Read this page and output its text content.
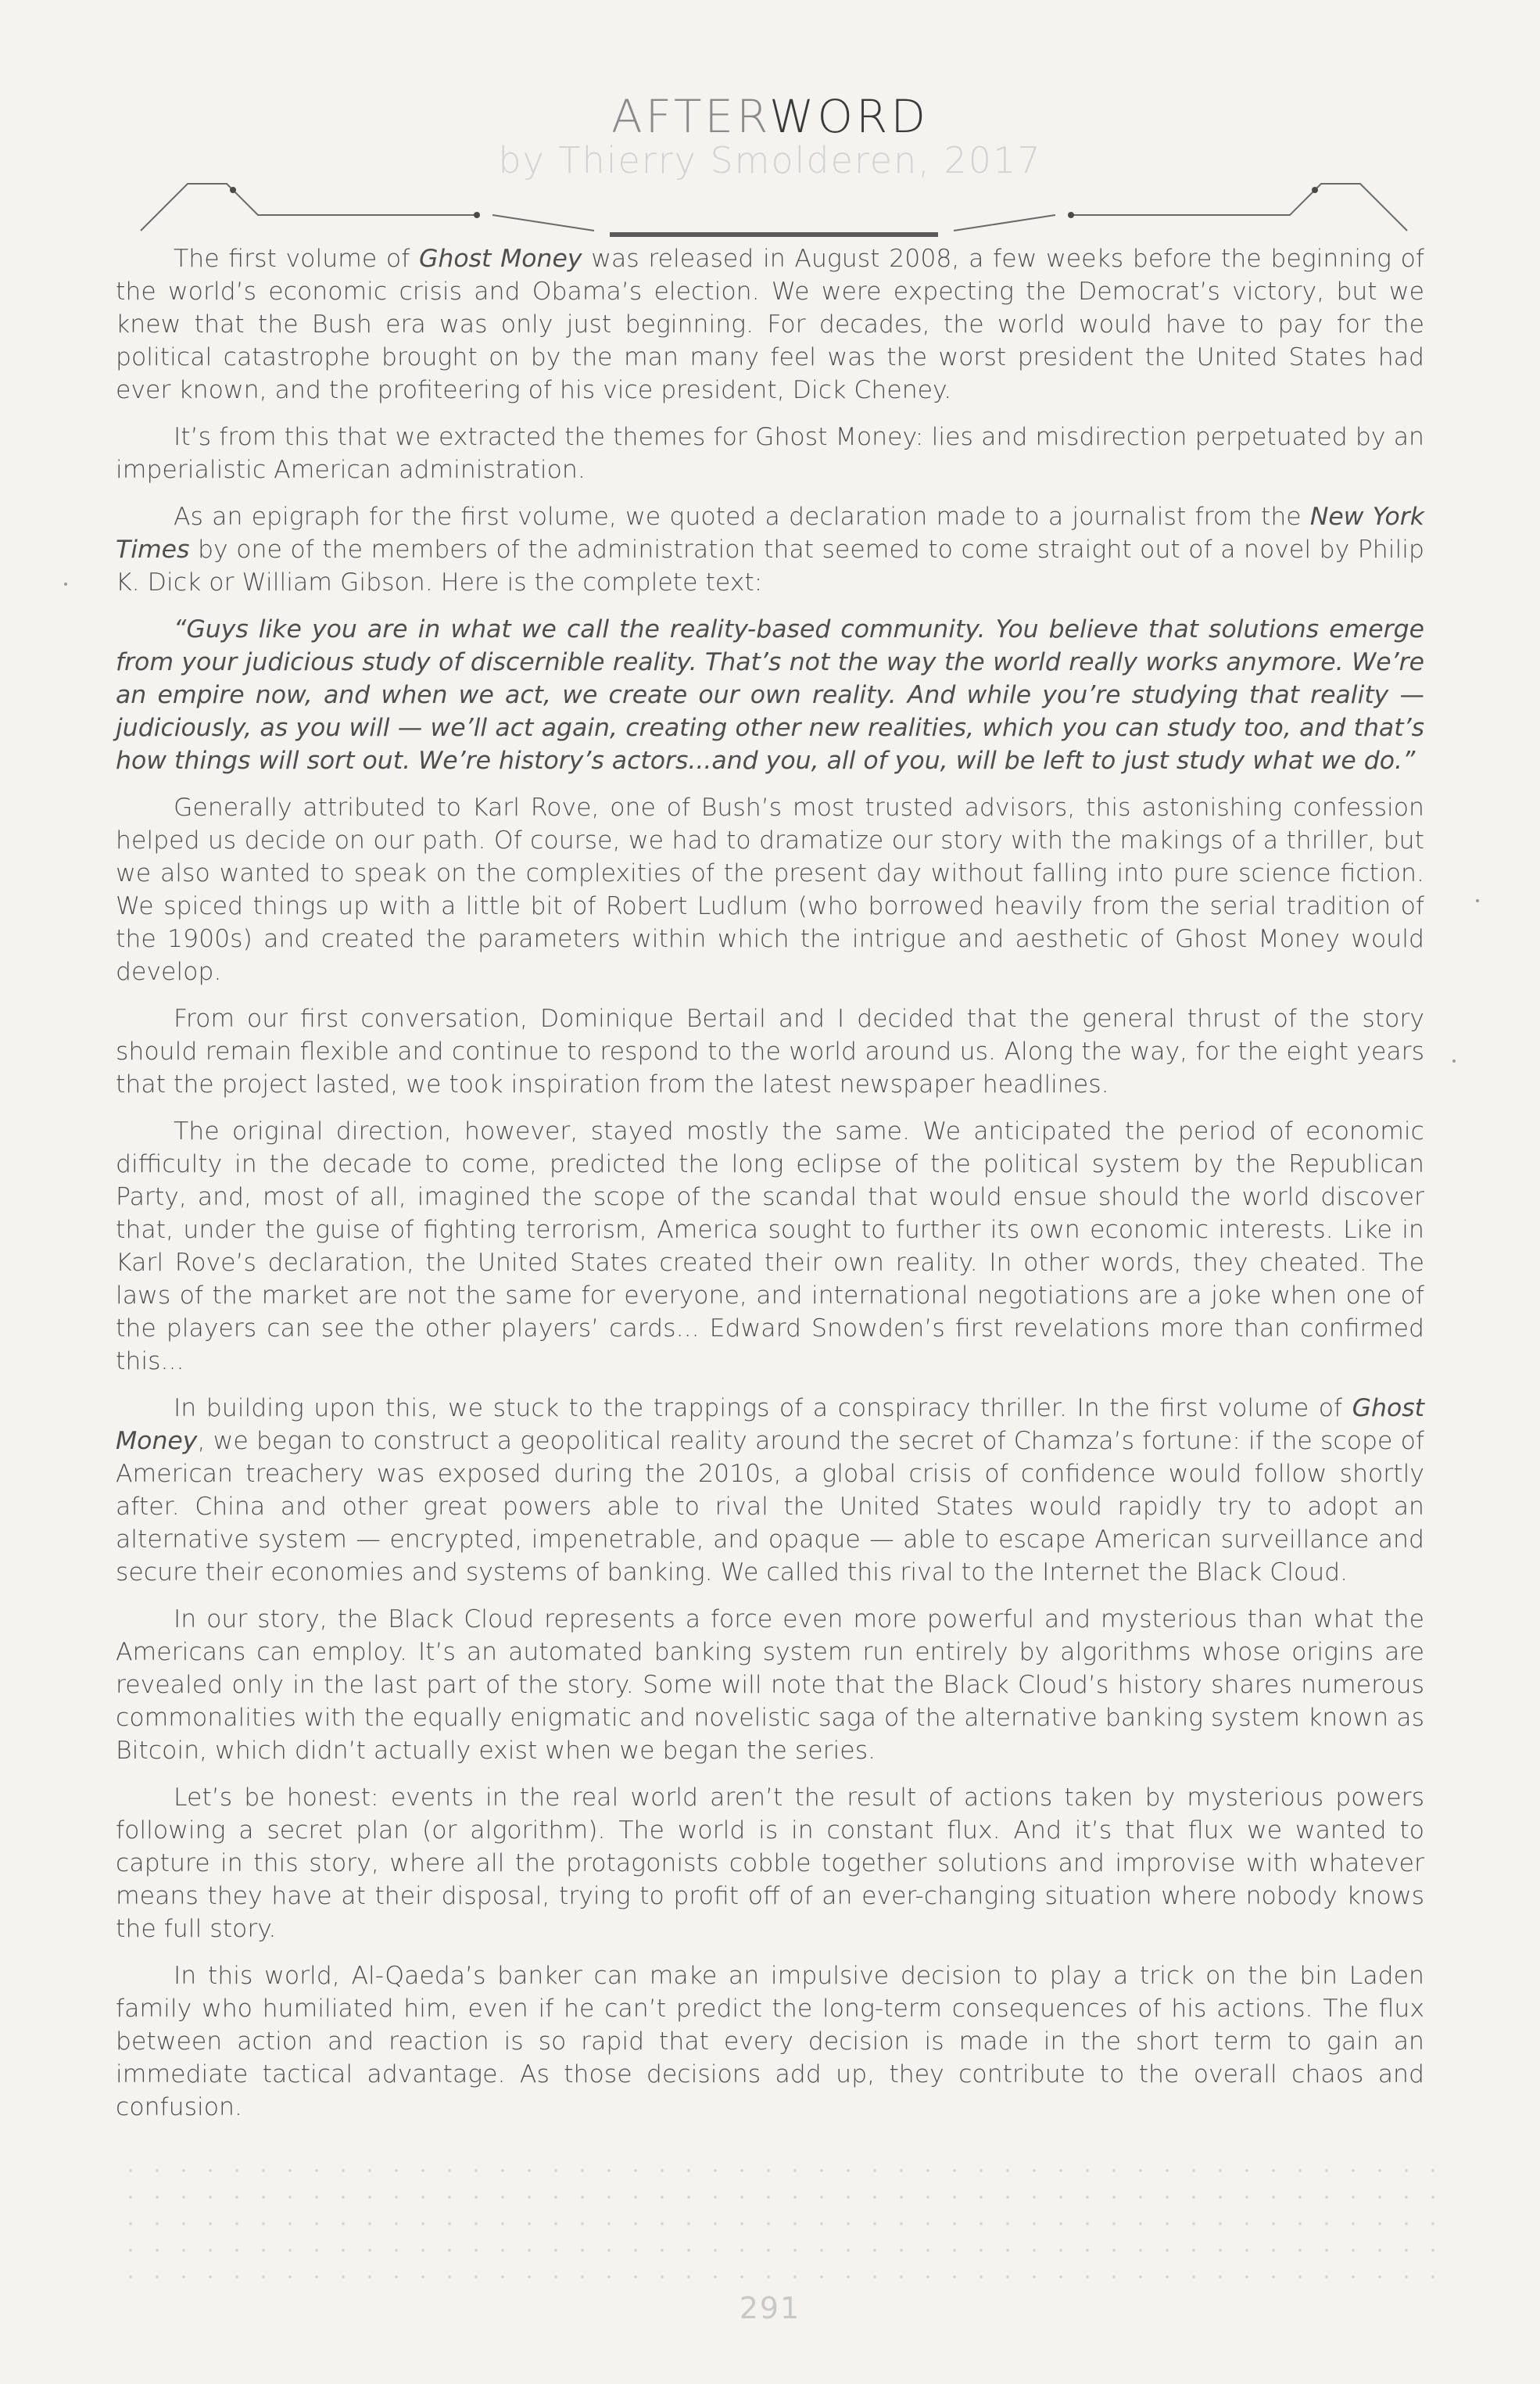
AFTERWORD
by Thierry Smolderen, 2017

The first volume of Ghost Money was released in August 2008, a few weeks before the beginning of the world’s economic crisis and Obama’s election. We were expecting the Democrat’s victory, but we knew that the Bush era was only just beginning. For decades, the world would have to pay for the political catastrophe brought on by the man many feel was the worst president the United States had ever known, and the profiteering of his vice president, Dick Cheney.

It’s from this that we extracted the themes for Ghost Money: lies and misdirection perpetuated by an imperialistic American administration.

As an epigraph for the first volume, we quoted a declaration made to a journalist from the New York Times by one of the members of the administration that seemed to come straight out of a novel by Philip K. Dick or William Gibson. Here is the complete text:

“Guys like you are in what we call the reality-based community. You believe that solutions emerge from your judicious study of discernible reality. That’s not the way the world really works anymore. We’re an empire now, and when we act, we create our own reality. And while you’re studying that reality — judiciously, as you will — we’ll act again, creating other new realities, which you can study too, and that’s how things will sort out. We’re history’s actors...and you, all of you, will be left to just study what we do.”

Generally attributed to Karl Rove, one of Bush’s most trusted advisors, this astonishing confession helped us decide on our path. Of course, we had to dramatize our story with the makings of a thriller, but we also wanted to speak on the complexities of the present day without falling into pure science fiction. We spiced things up with a little bit of Robert Ludlum (who borrowed heavily from the serial tradition of the 1900s) and created the parameters within which the intrigue and aesthetic of Ghost Money would develop.

From our first conversation, Dominique Bertail and I decided that the general thrust of the story should remain flexible and continue to respond to the world around us. Along the way, for the eight years that the project lasted, we took inspiration from the latest newspaper headlines.

The original direction, however, stayed mostly the same. We anticipated the period of economic difficulty in the decade to come, predicted the long eclipse of the political system by the Republican Party, and, most of all, imagined the scope of the scandal that would ensue should the world discover that, under the guise of fighting terrorism, America sought to further its own economic interests. Like in Karl Rove’s declaration, the United States created their own reality. In other words, they cheated. The laws of the market are not the same for everyone, and international negotiations are a joke when one of the players can see the other players’ cards... Edward Snowden’s first revelations more than confirmed this...

In building upon this, we stuck to the trappings of a conspiracy thriller. In the first volume of Ghost Money, we began to construct a geopolitical reality around the secret of Chamza’s fortune: if the scope of American treachery was exposed during the 2010s, a global crisis of confidence would follow shortly after. China and other great powers able to rival the United States would rapidly try to adopt an alternative system — encrypted, impenetrable, and opaque — able to escape American surveillance and secure their economies and systems of banking. We called this rival to the Internet the Black Cloud.

In our story, the Black Cloud represents a force even more powerful and mysterious than what the Americans can employ. It’s an automated banking system run entirely by algorithms whose origins are revealed only in the last part of the story. Some will note that the Black Cloud’s history shares numerous commonalities with the equally enigmatic and novelistic saga of the alternative banking system known as Bitcoin, which didn’t actually exist when we began the series.

Let’s be honest: events in the real world aren’t the result of actions taken by mysterious powers following a secret plan (or algorithm). The world is in constant flux. And it’s that flux we wanted to capture in this story, where all the protagonists cobble together solutions and improvise with whatever means they have at their disposal, trying to profit off of an ever-changing situation where nobody knows the full story.

In this world, Al-Qaeda’s banker can make an impulsive decision to play a trick on the bin Laden family who humiliated him, even if he can’t predict the long-term consequences of his actions. The flux between action and reaction is so rapid that every decision is made in the short term to gain an immediate tactical advantage. As those decisions add up, they contribute to the overall chaos and confusion.

291
